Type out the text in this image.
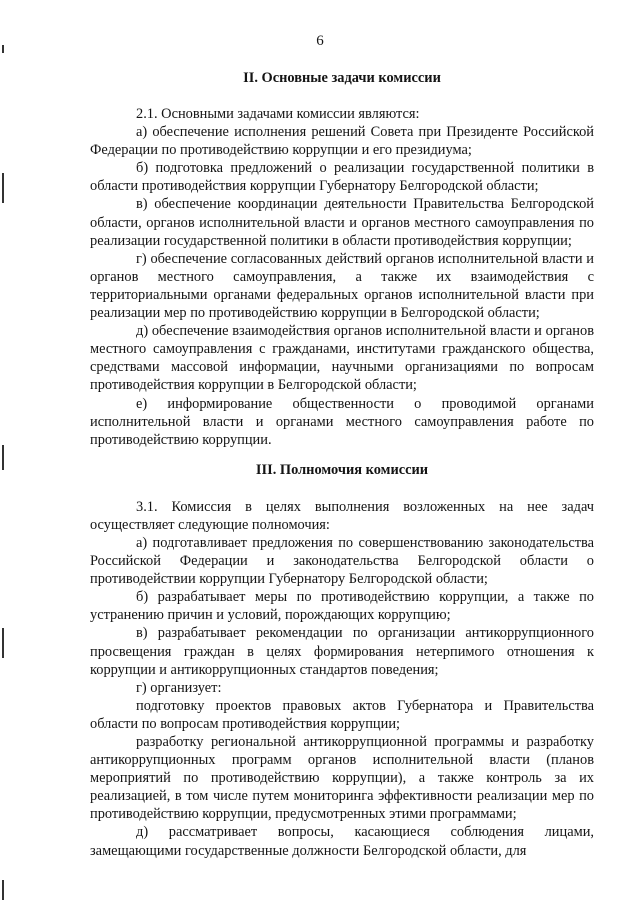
6
II. Основные задачи комиссии

2.1. Основными задачами комиссии являются:

а) обеспечение исполнения решений Совета при Президенте Российской Федерации по противодействию коррупции и его президиума;

б) подготовка предложений о реализации государственной политики в области противодействия коррупции Губернатору Белгородской области;

в) обеспечение координации деятельности Правительства Белгородской области, органов исполнительной власти и органов местного самоуправления по реализации государственной политики в области противодействия коррупции;

г) обеспечение согласованных действий органов исполнительной власти и органов местного самоуправления, а также их взаимодействия с территориальными органами федеральных органов исполнительной власти при реализации мер по противодействию коррупции в Белгородской области;

д) обеспечение взаимодействия органов исполнительной власти и органов местного самоуправления с гражданами, институтами гражданского общества, средствами массовой информации, научными организациями по вопросам противодействия коррупции в Белгородской области;

е) информирование общественности о проводимой органами исполнительной власти и органами местного самоуправления работе по противодействию коррупции.

III. Полномочия комиссии

3.1. Комиссия в целях выполнения возложенных на нее задач осуществляет следующие полномочия:

а) подготавливает предложения по совершенствованию законодательства Российской Федерации и законодательства Белгородской области о противодействии коррупции Губернатору Белгородской области;

б) разрабатывает меры по противодействию коррупции, а также по устранению причин и условий, порождающих коррупцию;

в) разрабатывает рекомендации по организации антикоррупционного просвещения граждан в целях формирования нетерпимого отношения к коррупции и антикоррупционных стандартов поведения;

г) организует:

подготовку проектов правовых актов Губернатора и Правительства области по вопросам противодействия коррупции;

разработку региональной антикоррупционной программы и разработку антикоррупционных программ органов исполнительной власти (планов мероприятий по противодействию коррупции), а также контроль за их реализацией, в том числе путем мониторинга эффективности реализации мер по противодействию коррупции, предусмотренных этими программами;

д) рассматривает вопросы, касающиеся соблюдения лицами, замещающими государственные должности Белгородской области, для
